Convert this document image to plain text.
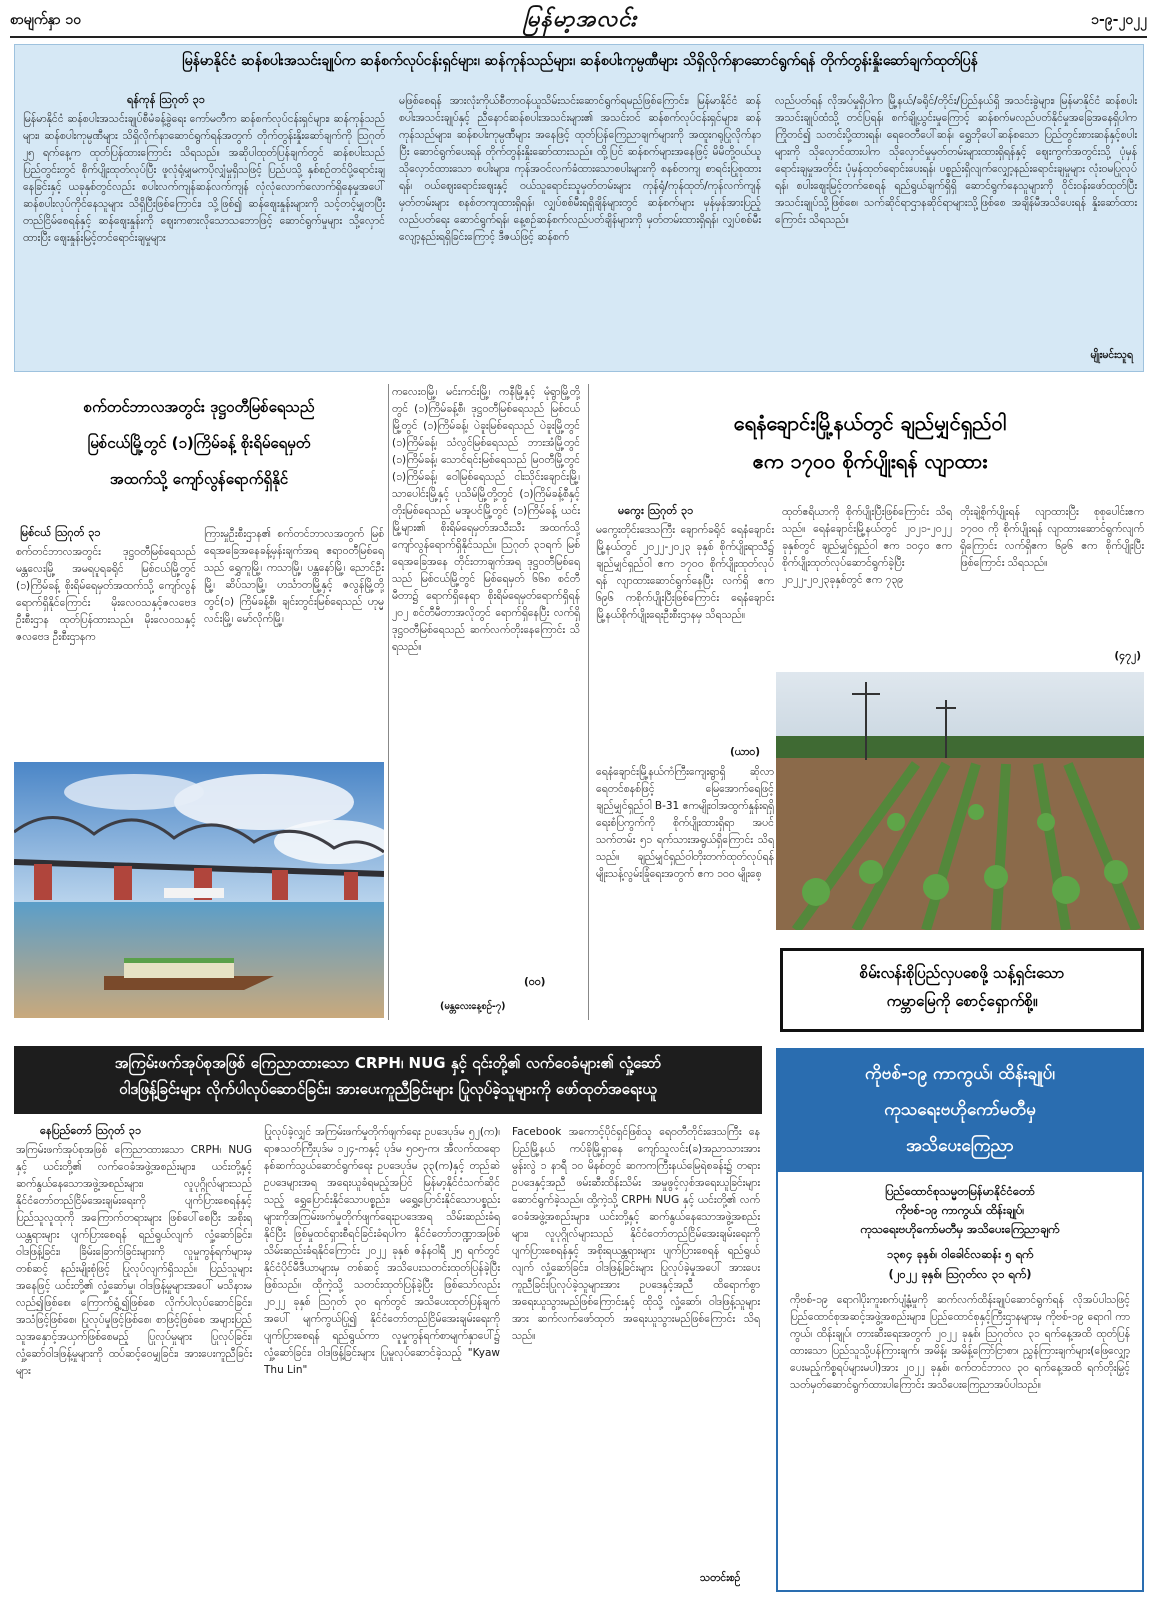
စာမျက်နှာ ၁၀	မြန်မာ့အလင်း	၁-၉-၂၀၂၂
မြန်မာနိုင်ငံ ဆန်စပါးအသင်းချုပ်က ဆန်စက်လုပ်ငန်းရှင်များ၊ ဆန်ကုန်သည်များ၊ ဆန်စပါးကုမ္ပဏီများ သိရှိလိုက်နာဆောင်ရွက်ရန် တိုက်တွန်းနှိုးဆော်ချက်ထုတ်ပြန်
ရန်ကုန် ဩဂုတ် ၃၁
မြန်မာနိုင်ငံ ဆန်စပါးအသင်းချုပ်စီမံခန့်ခွဲရေး ကော်မတီက ဆန်စက်လုပ်ငန်းရှင်များ၊ ဆန်ကုန်သည်များ၊ ဆန်စပါးကုမ္ပဏီများ သိရှိလိုက်နာဆောင်ရွက်ရန်အတွက် တိုက်တွန်းနှိုးဆော်ချက်ကို ဩဂုတ် ၂၅ ရက်နေ့က ထုတ်ပြန်ထားကြောင်း သိရသည်။ အဆိုပါထုတ်ပြန်ချက်တွင် ဆန်စပါးသည် ပြည်တွင်းတွင် စိုက်ပျိုးထုတ်လုပ်ပြီး ဖူလုံရုံမျှမကပိုလျှံမှုရှိသဖြင့် ပြည်ပသို့ နှစ်စဉ်တင်ပို့ရောင်းချနေခြင်းနှင့် ယခုနှစ်တွင်လည်း စပါးလက်ကျန်ဆန်လက်ကျန် လုံလုံလောက်လောက်ရှိနေမှုအပေါ် ဆန်စပါးလုပ်ကိုင်နေသူများ သိရှိပြီးဖြစ်ကြောင်း၊ သို့ဖြစ်၍ ဆန်ဈေးနှုန်းများကို သင့်တင့်မျှတပြီး တည်ငြိမ်စေရန်နှင့် ဆန်ဈေးနှုန်းကို ဈေးကစားလိုသောသဘောဖြင့် ဆောင်ရွက်မှုများ သို့လှောင်ထားပြီး ဈေးနှုန်းမြင့်တင်ရောင်းချမှုများ
မဖြစ်စေရန် အားလုံးကိုယ်စီတာဝန်ယူသိမ်းသင်းဆောင်ရွက်ရမည်ဖြစ်ကြောင်း၊ မြန်မာနိုင်ငံ ဆန်စပါးအသင်းချုပ်နှင့် ညီနောင်ဆန်စပါးအသင်းများ၏ အသင်းဝင် ဆန်စက်လုပ်ငန်းရှင်များ၊ ဆန်ကုန်သည်များ၊ ဆန်စပါးကုမ္ပဏီများ အနေဖြင့် ထုတ်ပြန်ကြေညာချက်များကို အထူးဂရုပြုလိုက်နာပြီး ဆောင်ရွက်ပေးရန် တိုက်တွန်းနှိုးဆော်ထားသည်။ ထို့ပြင် ဆန်စက်များအနေဖြင့် မိမိတို့ဝယ်ယူသိုလှောင်ထားသော စပါးများ၊ ကုန်အဝင်လက်ခံထားသောစပါးများကို စနစ်တကျ စာရင်းပြုစုထားရန်၊ ဝယ်ဈေးရောင်းဈေးနှင့် ဝယ်သူရောင်းသူမှတ်တမ်းများ ကုန်ရုံ/ကုန်ထုတ်/ကုန်လက်ကျန်မှတ်တမ်းများ စနစ်တကျထားရှိရန်၊ လျှပ်စစ်မီးရရှိချိန်များတွင် ဆန်စက်များ မှန်မှန်အားပြည့်လည်ပတ်ရေး ဆောင်ရွက်ရန်၊ နေ့စဉ်ဆန်စက်လည်ပတ်ချိန်များကို မှတ်တမ်းထားရှိရန်၊ လျှပ်စစ်မီးလျော့နည်းရရှိခြင်းကြောင့် ဒီဇယ်ဖြင့် ဆန်စက်
လည်ပတ်ရန် လိုအပ်မှုရှိပါက မြို့နယ်/ခရိုင်/တိုင်း/ပြည်နယ်ရှိ အသင်းခွဲများ၊ မြန်မာနိုင်ငံ ဆန်စပါးအသင်းချုပ်ထံသို့ တင်ပြရန်၊ စက်ချို့ယွင်းမှုကြောင့် ဆန်စက်မလည်ပတ်နိုင်မှုအခြေအနေရှိပါက ကြိုတင်၍ သတင်းပို့ထားရန်၊ ရေဝေတီပေါ်ဆန်၊ ရွှေဘိုပေါ်ဆန်စသော ပြည်တွင်းစားဆန်နှင့်စပါးများကို သိုလှောင်ထားပါက သိုလှောင်မှုမှတ်တမ်းများထားရှိရန်နှင့် ဈေးကွက်အတွင်းသို့ ပုံမှန်ရောင်းချမှုအတိုင်း ပုံမှန်ထုတ်ရောင်းပေးရန်၊ ပစ္စည်းရှိလျက်လျှော့နည်းရောင်းချမှုများ လုံးဝမပြုလုပ်ရန်၊ စပါးဈေးမြင့်တက်စေရန် ရည်ရွယ်ချက်ရှိရှိ ဆောင်ရွက်နေသူများကို ဝိုင်းဝန်းဖော်ထုတ်ပြီး အသင်းချုပ်သို့ဖြစ်စေ၊ သက်ဆိုင်ရာဌာနဆိုင်ရာများသို့ဖြစ်စေ အချိန်မီအသိပေးရန် နှိုးဆော်ထားကြောင်း သိရသည်။
မျိုးမင်းသူရ
စက်တင်ဘာလအတွင်း ဒုဋ္ဌဝတီမြစ်ရေသည်
မြစ်ငယ်မြို့တွင် (၁)ကြိမ်ခန့် စိုးရိမ်ရေမှတ်
အထက်သို့ ကျော်လွန်ရောက်ရှိနိုင်
မြစ်ငယ် ဩဂုတ် ၃၁
စက်တင်ဘာလအတွင်း ဒုဋ္ဌဝတီမြစ်ရေသည် မန္တလေးမြို့ အမရပူရခရိုင် မြစ်ငယ်မြို့တွင် (၁)ကြိမ်ခန့် စိုးရိမ်ရေမှတ်အထက်သို့ ကျော်လွန်ရောက်ရှိနိုင်ကြောင်း မိုးလေဝသနှင့်ဇလဗေဒဦးစီးဌာန ထုတ်ပြန်ထားသည်။ မိုးလေဝသနှင့်ဇလဗေဒ ဦးစီးဌာနက
ကြားမှုဦးစီးဌာန၏ စက်တင်ဘာလအတွက် မြစ်ရေအခြေအနေခန့်မှန်းချက်အရ ဧရာဝတီမြစ်ရေသည် ရွှေကူမြို့၊ ကသာမြို့၊ ပန္တနော်မြို့၊ ညောင်ဦးမြို့၊ ဆိပ်သာမြို့၊ ဟင်္သာတမြို့နှင့် ဇလွန်မြို့တို့တွင်(၁) ကြိမ်ခန့်စီ၊ ချင်းတွင်းမြစ်ရေသည် ဟုမ္မလင်းမြို့၊ မော်လိုက်မြို့၊
ကလေးဝမြို့၊ မင်းကင်းမြို့၊ ကနီမြို့နှင့် မုံရွာမြို့တို့တွင် (၁)ကြိမ်ခန့်စီ၊ ဒုဋ္ဌဝတီမြစ်ရေသည် မြစ်ငယ်မြို့တွင် (၁)ကြိမ်ခန့်၊ ပဲခူးမြစ်ရေသည် ပဲခူးမြို့တွင် (၁)ကြိမ်ခန့်၊ သံလွင်မြစ်ရေသည် ဘားအံမြို့တွင် (၁)ကြိမ်ခန့်၊ သောင်ရင်းမြစ်ရေသည် မြဝတီမြို့တွင် (၁)ကြိမ်ခန့်၊ ဝေါမြစ်ရေသည် ငါးသိုင်းချောင်းမြို့၊ သာပေါင်းမြို့နှင့် ပုသိမ်မြို့တို့တွင် (၁)ကြိမ်ခန့်စီနှင့် တိုးမြစ်ရေသည် မအူပင်မြို့တွင် (၁)ကြိမ်ခန့် ယင်းမြို့များ၏ စိုးရိမ်ရေမှတ်အသီးသီး အထက်သို့ ကျော်လွန်ရောက်ရှိနိုင်သည်။ ဩဂုတ် ၃၁ရက် မြစ်ရေအခြေအနေ တိုင်းတာချက်အရ ဒုဋ္ဌဝတီမြစ်ရေသည် မြစ်ငယ်မြို့တွင် မြစ်ရေမှတ် ၆၆၈ စင်တီမီတာ၌ ရောက်ရှိနေရာ စိုးရိမ်ရေမှတ်ရောက်ရှိရန် ၂၀၂ စင်တီမီတာအလိုတွင် ရောက်ရှိနေပြီး လက်ရှိ ဒုဋ္ဌဝတီမြစ်ရေသည် ဆက်လက်တိုးနေကြောင်း သိရသည်။
(ဝဝ)
(မန္တလေးနေ့စဉ်-၇)
ရေနံချောင်းမြို့နယ်တွင် ချည်မျှင်ရှည်ဝါ
ဧက ၁၇၀၀ စိုက်ပျိုးရန် လျာထား
မကွေး ဩဂုတ် ၃၁
မကွေးတိုင်းဒေသကြီး ချောက်ခရိုင် ရေနံချောင်းမြို့နယ်တွင် ၂၀၂၂-၂၀၂၃ ခုနှစ် စိုက်ပျိုးရာသီ၌ ချည်မျှင်ရှည်ဝါ ဧက ၁၇၀၀ စိုက်ပျိုးထုတ်လုပ်ရန် လျာထားဆောင်ရွက်နေပြီး လက်ရှိ ဧက ၆၉၆ ကစိုက်ပျိုးပြီးဖြစ်ကြောင်း ရေနံချောင်းမြို့နယ်စိုက်ပျိုးရေးဦးစီးဌာနမှ သိရသည်။
(ယာဝ)
ရေနံချောင်းမြို့နယ်ကံကြီးကျေးရွာရှိ ဆိုလာရေတင်စနစ်ဖြင့် မြေအောက်ရေဖြင့် ချည်မျှင်ရှည်ဝါ B-31 ဧကမျိုးဝါအထွက်နှုန်းရရှိရေးစံပြကွက်ကို စိုက်ပျိုးထားရှိရာ အပင်သက်တမ်း ၅၁ ရက်သားအရွယ်ရှိကြောင်း သိရသည်။ ချည်မျှင်ရှည်ဝါတိုးတက်ထုတ်လုပ်ရန် မျိုးသန့်လွမ်းခြုံရေးအတွက် ဧက ၁၀၀ မျိုးစေ့
ထုတ်ဧရိယာကို စိုက်ပျိုးပြီးဖြစ်ကြောင်း သိရသည်။ ရေနံချောင်းမြို့နယ်တွင် ၂၀၂၁-၂၀၂၂ ခုနှစ်တွင် ချည်မျှင်ရှည်ဝါ ဧက ၁၀၄၀ ဧက စိုက်ပျိုးထုတ်လုပ်ဆောင်ရွက်ခဲ့ပြီး ၂၀၂၂-၂၀၂၃ခုနှစ်တွင် ဧက ၇၃၉
တိုးချဲ့စိုက်ပျိုးရန် လျာထားပြီး စုစုပေါင်းဧက ၁၇၀၀ ကို စိုက်ပျိုးရန် လျာထားဆောင်ရွက်လျက်ရှိကြောင်း လက်ရှိဧက ၆၉၆ ဧက စိုက်ပျိုးပြီးဖြစ်ကြောင်း သိရသည်။
(၄၇၂)
စိမ်းလန်းစိုပြည်လှပစေဖို့ သန့်ရှင်းသော
ကမ္ဘာမြေကို စောင့်ရှောက်စို့။
အကြမ်းဖက်အုပ်စုအဖြစ် ကြေညာထားသော CRPH၊ NUG နှင့် ၎င်းတို့၏ လက်ဝေခံများ၏ လှုံ့ဆော်
ဝါဒဖြန့်ခြင်းများ လိုက်ပါလုပ်ဆောင်ခြင်း၊ အားပေးကူညီခြင်းများ ပြုလုပ်ခဲ့သူများကို ဖော်ထုတ်အရေးယူ
နေပြည်တော် ဩဂုတ် ၃၁
အကြမ်းဖက်အုပ်စုအဖြစ် ကြေညာထားသော CRPH၊ NUG နှင့် ယင်းတို့၏ လက်ဝေခံအဖွဲ့အစည်းများ၊ ယင်းတို့နှင့် ဆက်နွယ်နေသောအဖွဲ့အစည်းများ၊ လူပုဂ္ဂိုလ်များသည် နိုင်ငံတော်တည်ငြိမ်အေးချမ်းရေးကို ပျက်ပြားစေရန်နှင့် ပြည်သူလူထုကို အကြောက်တရားများ ဖြစ်ပေါ်စေပြီး အစိုးရယန္တရားများ ပျက်ပြားစေရန် ရည်ရွယ်လျက် လှုံ့ဆော်ခြင်း၊ ဝါဒဖြန့်ခြင်း၊ ခြိမ်းခြောက်ခြင်းများကို လူမှုကွန်ရက်များမှတစ်ဆင့် နည်းမျိုးစုံဖြင့် ပြုလုပ်လျက်ရှိသည်။ ပြည်သူများအနေဖြင့် ယင်းတို့၏ လှုံ့ဆော်မှု၊ ဝါဒဖြန့်မှုများအပေါ် မသိနားမလည်၍ဖြစ်စေ၊ ကြောက်ရွံ့၍ဖြစ်စေ လိုက်ပါလုပ်ဆောင်ခြင်း၊ အသံဖြင့်ဖြစ်စေ၊ ပြုလုပ်မှုဖြင့်ဖြစ်စေ၊ စာဖြင့်ဖြစ်စေ အများပြည်သူအနှောင့်အယှက်ဖြစ်စေမည့် ပြုလုပ်မှုများ ပြုလုပ်ခြင်း၊ လှုံ့ဆော်ဝါဒဖြန့်မှုများကို ထပ်ဆင့်ဝေမျှခြင်း၊ အားပေးကူညီခြင်းများ
ပြုလုပ်ခဲ့လျှင် အကြမ်းဖက်မှုတိုက်ဖျက်ရေး ဥပဒေပုဒ်မ ၅၂(က)၊ ရာဇသတ်ကြီးပုဒ်မ ၁၂၄-ကနှင့် ပုဒ်မ ၅၀၅-က၊ အီလက်ထရောနစ်ဆက်သွယ်ဆောင်ရွက်ရေး ဥပဒေပုဒ်မ ၃၃(က)နှင့် တည်ဆဲဥပဒေများအရ အရေးယူခံရမည့်အပြင် မြန်မာ့နိုင်ငံသက်ဆိုင်သည့် ရွှေပြောင်းနိုင်သောပစ္စည်း၊ မရွှေ့ပြောင်းနိုင်သောပစ္စည်းများကိုအကြမ်းဖက်မှုတိုက်ဖျက်ရေးဥပဒေအရ သိမ်းဆည်းခံရနိုင်ပြီး ဖြစ်မှုထင်ရှားစီရင်ခြင်းခံရပါက နိုင်ငံတော်ဘဏ္ဍာအဖြစ် သိမ်းဆည်းခံရနိုင်ကြောင်း ၂၀၂၂ ခုနှစ် ဇန်နဝါရီ ၂၅ ရက်တွင် နိုင်ငံပိုင်မီဒီယာများမှ တစ်ဆင့် အသိပေးသတင်းထုတ်ပြန်ခဲ့ပြီးဖြစ်သည်။ ထိုကဲ့သို့ သတင်းထုတ်ပြန်ခဲ့ပြီး ဖြစ်သော်လည်း ၂၀၂၂ ခုနှစ် ဩဂုတ် ၃၀ ရက်တွင် အသိပေးထုတ်ပြန်ချက်အပေါ် မျက်ကွယ်ပြု၍ နိုင်ငံတော်တည်ငြိမ်အေးချမ်းရေးကို ပျက်ပြားစေရန် ရည်ရွယ်ကာ လူမှုကွန်ရက်စာမျက်နှာပေါ်၌ လှုံ့ဆော်ခြင်း၊ ဝါဒဖြန့်ခြင်းများ ပြုမူလုပ်ဆောင်ခဲ့သည့် "Kyaw Thu Lin"
Facebook အကောင့်ပိုင်ရှင်ဖြစ်သူ ရေဝတီတိုင်းဒေသကြီး နေပြည်မြို့နယ် ကပ်ခိုမြို့ရှာနေ ကျော်သူလင်း(ခ)အညာသားအား မွန်းလွဲ ၁ နာရီ ၁၀ မိနစ်တွင် ဆကကကြီးနယ်မြေရဲစခန်း၌ တရားဥပဒေနှင့်အညီ ဖမ်းဆီးထိန်းသိမ်း အမှုဖွင့်လှစ်အရေးယူခြင်းများ ဆောင်ရွက်ခဲ့သည်။ ထို့ကဲ့သို့ CRPH၊ NUG နှင့် ယင်းတို့၏ လက်ဝေခံအဖွဲ့အစည်းများ၊ ယင်းတို့နှင့် ဆက်နွယ်နေသောအဖွဲ့အစည်းများ၊ လူပုဂ္ဂိုလ်များသည် နိုင်ငံတော်တည်ငြိမ်အေးချမ်းရေးကို ပျက်ပြားစေရန်နှင့် အစိုးရယန္တရားများ ပျက်ပြားစေရန် ရည်ရွယ်လျက် လှုံ့ဆော်ခြင်း၊ ဝါဒဖြန့်ခြင်းများ ပြုလုပ်ခဲ့မှုအပေါ် အားပေးကူညီခြင်းပြုလုပ်ခဲ့သူများအား ဥပဒေနှင့်အညီ ထိရောက်စွာ အရေးယူသွားမည်ဖြစ်ကြောင်းနှင့် ထိုသို့ လှုံ့ဆော်၊ ဝါဒဖြန့်သူများအား ဆက်လက်ဖော်ထုတ် အရေးယူသွားမည်ဖြစ်ကြောင်း သိရသည်။
သတင်းစဉ်
ကိုဗစ်-၁၉ ကာကွယ်၊ ထိန်းချုပ်၊
ကုသရေးဗဟိုကော်မတီမှ
အသိပေးကြေညာ
ပြည်ထောင်စုသမ္မတမြန်မာနိုင်ငံတော်
ကိုဗစ်-၁၉ ကာကွယ်၊ ထိန်းချုပ်၊
ကုသရေးဗဟိုကော်မတီမှ အသိပေးကြေညာချက်
၁၃၈၄ ခုနှစ်၊ ဝါခေါင်လဆန်း ၅ ရက်
(၂၀၂၂ ခုနှစ်၊ ဩဂုတ်လ ၃၁ ရက်)
ကိုဗစ်-၁၉ ရောဂါပိုးကူးစက်ပျံ့နှံ့မှုကို ဆက်လက်ထိန်းချုပ်ဆောင်ရွက်ရန် လိုအပ်ပါသဖြင့် ပြည်ထောင်စုအဆင့်အဖွဲ့အစည်းများ၊ ပြည်ထောင်စုနှင့်ကြီးဌာနများမှ ကိုဗစ်-၁၉ ရောဂါ ကာကွယ်၊ ထိန်းချုပ်၊ တားဆီးရေးအတွက် ၂၀၂၂ ခုနှစ်၊ ဩဂုတ်လ ၃၁ ရက်နေ့အထိ ထုတ်ပြန်ထားသော ပြည်သူသို့ပန်ကြားချက်၊ အမိန့်၊ အမိန့်ကြော်ငြာစာ၊ ညွှန်ကြားချက်များ(ဖြေလျှော့ပေးမည့်ကိစ္စရပ်များမပါ)အား ၂၀၂၂ ခုနှစ်၊ စက်တင်ဘာလ ၃၀ ရက်နေ့အထိ ရက်တိုးမြှင့်သတ်မှတ်ဆောင်ရွက်ထားပါကြောင်း အသိပေးကြေညာအပ်ပါသည်။
